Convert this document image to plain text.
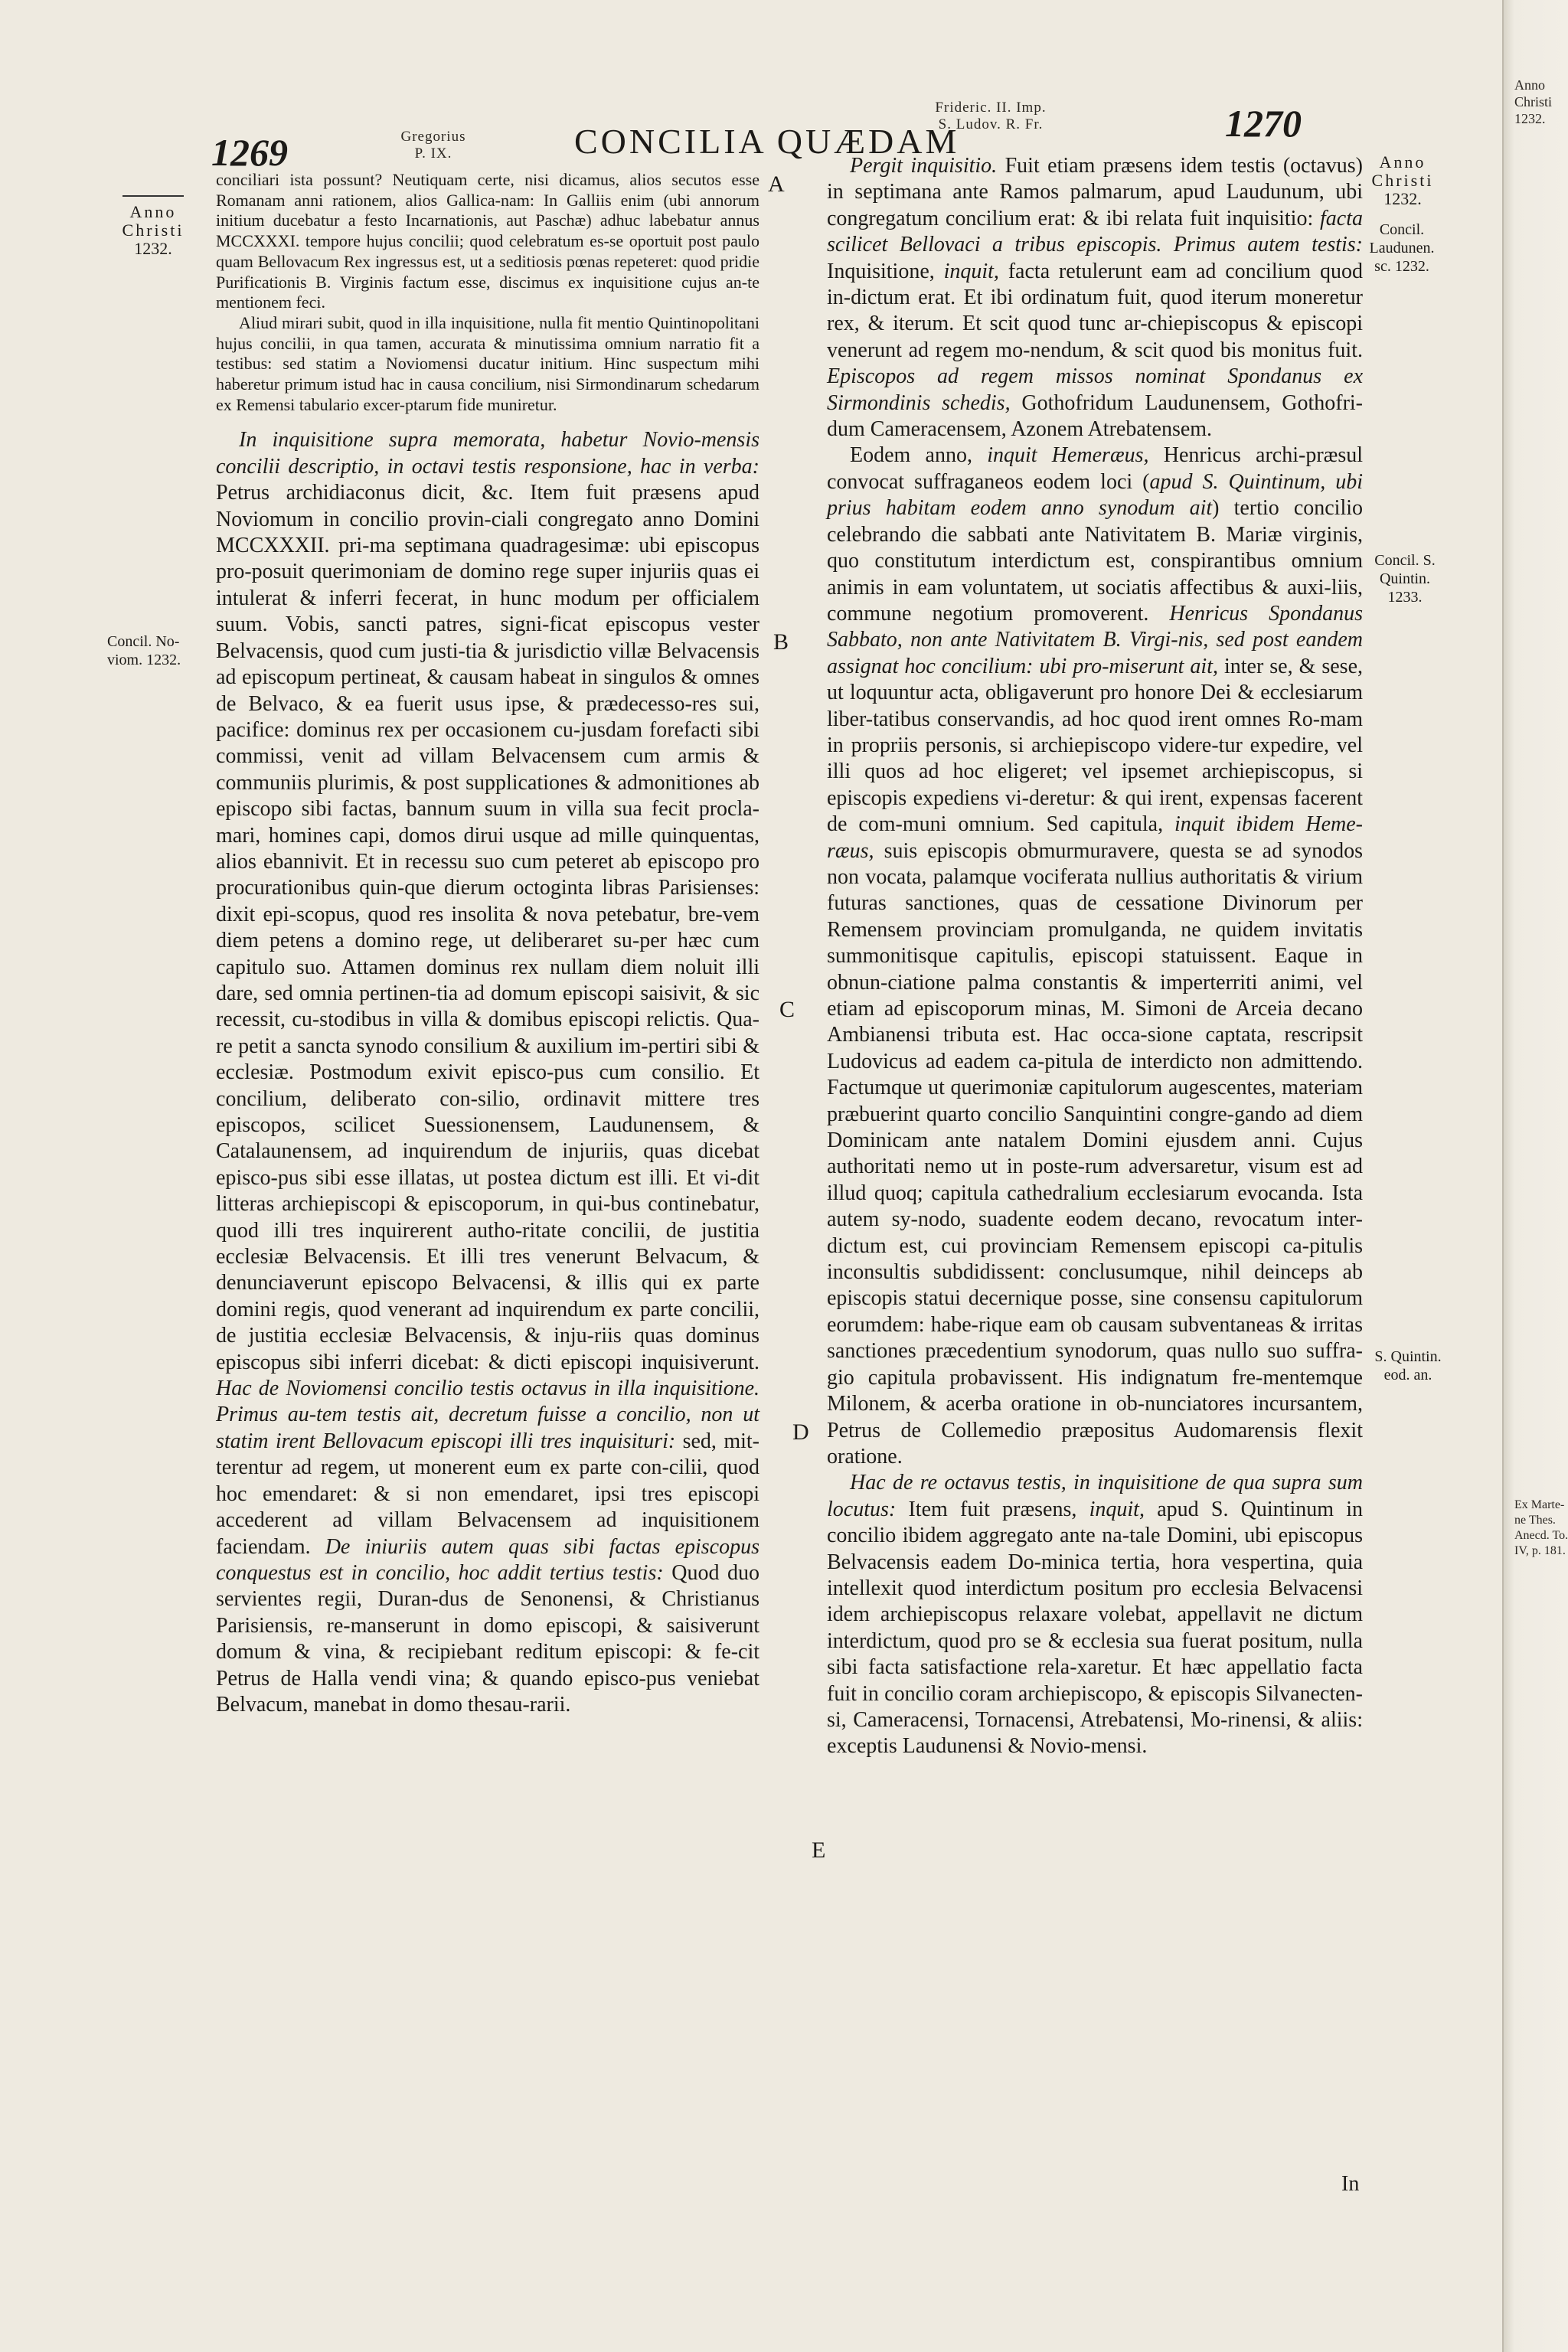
1269	Gregorius
P. IX.	CONCILIA QUÆDAM
Frideric. II. Imp.
S. Ludov. R. Fr.	1270
Anno
Christi
1232.
Concil. No- viom. 1232.
A
B
C
D
E

conciliari ista possunt? Neutiquam certe, nisi dicamus, alios secutos esse Romanam anni rationem, alios Gallica-nam: In Galliis enim (ubi annorum initium ducebatur a festo Incarnationis, aut Paschæ) adhuc labebatur annus MCCXXXI. tempore hujus concilii; quod celebratum es-se oportuit post paulo quam Bellovacum Rex ingressus est, ut a seditiosis pœnas repeteret: quod pridie Purificationis B. Virginis factum esse, discimus ex inquisitione cujus an-te mentionem feci.

Aliud mirari subit, quod in illa inquisitione, nulla fit mentio Quintinopolitani hujus concilii, in qua tamen, accurata & minutissima omnium narratio fit a testibus: sed statim a Noviomensi ducatur initium. Hinc suspectum mihi haberetur primum istud hac in causa concilium, nisi Sirmondinarum schedarum ex Remensi tabulario excer-ptarum fide muniretur.

In inquisitione supra memorata, habetur Novio-mensis concilii descriptio, in octavi testis responsione, hac in verba: Petrus archidiaconus dicit, &c. Item fuit præsens apud Noviomum in concilio provin-ciali congregato anno Domini MCCXXXII. pri-ma septimana quadragesimæ: ubi episcopus pro-posuit querimoniam de domino rege super injuriis quas ei intulerat & inferri fecerat, in hunc modum per officialem suum. Vobis, sancti patres, signi-ficat episcopus vester Belvacensis, quod cum justi-tia & jurisdictio villæ Belvacensis ad episcopum pertineat, & causam habeat in singulos & omnes de Belvaco, & ea fuerit usus ipse, & prædecesso-res sui, pacifice: dominus rex per occasionem cu-jusdam forefacti sibi commissi, venit ad villam Belvacensem cum armis & communiis plurimis, & post supplicationes & admonitiones ab episcopo sibi factas, bannum suum in villa sua fecit procla-mari, homines capi, domos dirui usque ad mille quinquentas, alios ebannivit. Et in recessu suo cum peteret ab episcopo pro procurationibus quin-que dierum octoginta libras Parisienses: dixit epi-scopus, quod res insolita & nova petebatur, bre-vem diem petens a domino rege, ut deliberaret su-per hæc cum capitulo suo. Attamen dominus rex nullam diem noluit illi dare, sed omnia pertinen-tia ad domum episcopi saisivit, & sic recessit, cu-stodibus in villa & domibus episcopi relictis. Qua-re petit a sancta synodo consilium & auxilium im-pertiri sibi & ecclesiæ. Postmodum exivit episco-pus cum consilio. Et concilium, deliberato con-silio, ordinavit mittere tres episcopos, scilicet Suessionensem, Laudunensem, & Catalaunensem, ad inquirendum de injuriis, quas dicebat episco-pus sibi esse illatas, ut postea dictum est illi. Et vi-dit litteras archiepiscopi & episcoporum, in qui-bus continebatur, quod illi tres inquirerent autho-ritate concilii, de justitia ecclesiæ Belvacensis. Et illi tres venerunt Belvacum, & denunciaverunt episcopo Belvacensi, & illis qui ex parte domini regis, quod venerant ad inquirendum ex parte concilii, de justitia ecclesiæ Belvacensis, & inju-riis quas dominus episcopus sibi inferri dicebat: & dicti episcopi inquisiverunt. Hac de Noviomensi concilio testis octavus in illa inquisitione. Primus au-tem testis ait, decretum fuisse a concilio, non ut statim irent Bellovacum episcopi illi tres inquisituri: sed, mit-terentur ad regem, ut monerent eum ex parte con-cilii, quod hoc emendaret: & si non emendaret, ipsi tres episcopi accederent ad villam Belvacensem ad inquisitionem faciendam. De iniuriis autem quas sibi factas episcopus conquestus est in concilio, hoc addit tertius testis: Quod duo servientes regii, Duran-dus de Senonensi, & Christianus Parisiensis, re-manserunt in domo episcopi, & saisiverunt domum & vina, & recipiebant reditum episcopi: & fe-cit Petrus de Halla vendi vina; & quando episco-pus veniebat Belvacum, manebat in domo thesau-rarii.

Pergit inquisitio. Fuit etiam præsens idem testis (octavus) in septimana ante Ramos palmarum, apud Laudunum, ubi congregatum concilium erat: & ibi relata fuit inquisitio: facta scilicet Bellovaci a tribus episcopis. Primus autem testis: Inquisitione, inquit, facta retulerunt eam ad concilium quod in-dictum erat. Et ibi ordinatum fuit, quod iterum moneretur rex, & iterum. Et scit quod tunc ar-chiepiscopus & episcopi venerunt ad regem mo-nendum, & scit quod bis monitus fuit. Episcopos ad regem missos nominat Spondanus ex Sirmondinis schedis, Gothofridum Laudunensem, Gothofri-dum Cameracensem, Azonem Atrebatensem.

Eodem anno, inquit Hemeræus, Henricus archi-præsul convocat suffraganeos eodem loci (apud S. Quintinum, ubi prius habitam eodem anno synodum ait) tertio concilio celebrando die sabbati ante Nativitatem B. Mariæ virginis, quo constitutum interdictum est, conspirantibus omnium animis in eam voluntatem, ut sociatis affectibus & auxi-liis, commune negotium promoverent. Henricus Spondanus Sabbato, non ante Nativitatem B. Virgi-nis, sed post eandem assignat hoc concilium: ubi pro-miserunt ait, inter se, & sese, ut loquuntur acta, obligaverunt pro honore Dei & ecclesiarum liber-tatibus conservandis, ad hoc quod irent omnes Ro-mam in propriis personis, si archiepiscopo videre-tur expedire, vel illi quos ad hoc eligeret; vel ipsemet archiepiscopus, si episcopis expediens vi-deretur: & qui irent, expensas facerent de com-muni omnium. Sed capitula, inquit ibidem Heme-ræus, suis episcopis obmurmuravere, questa se ad synodos non vocata, palamque vociferata nullius authoritatis & virium futuras sanctiones, quas de cessatione Divinorum per Remensem provinciam promulganda, ne quidem invitatis summonitisque capitulis, episcopi statuissent. Eaque in obnun-ciatione palma constantis & imperterriti animi, vel etiam ad episcoporum minas, M. Simoni de Arceia decano Ambianensi tributa est. Hac occa-sione captata, rescripsit Ludovicus ad eadem ca-pitula de interdicto non admittendo. Factumque ut querimoniæ capitulorum augescentes, materiam præbuerint quarto concilio Sanquintini congre-gando ad diem Dominicam ante natalem Domini ejusdem anni. Cujus authoritati nemo ut in poste-rum adversaretur, visum est ad illud quoq; capitula cathedralium ecclesiarum evocanda. Ista autem sy-nodo, suadente eodem decano, revocatum inter-dictum est, cui provinciam Remensem episcopi ca-pitulis inconsultis subdidissent: conclusumque, nihil deinceps ab episcopis statui decernique posse, sine consensu capitulorum eorumdem: habe-rique eam ob causam subventaneas & irritas sanctiones præcedentium synodorum, quas nullo suo suffra-gio capitula probavissent. His indignatum fre-mentemque Milonem, & acerba oratione in ob-nunciatores incursantem, Petrus de Collemedio præpositus Audomarensis flexit oratione.

Hac de re octavus testis, in inquisitione de qua supra sum locutus: Item fuit præsens, inquit, apud S. Quintinum in concilio ibidem aggregato ante na-tale Domini, ubi episcopus Belvacensis eadem Do-minica tertia, hora vespertina, quia intellexit quod interdictum positum pro ecclesia Belvacensi idem archiepiscopus relaxare volebat, appellavit ne dictum interdictum, quod pro se & ecclesia sua fuerat positum, nulla sibi facta satisfactione rela-xaretur. Et hæc appellatio facta fuit in concilio coram archiepiscopo, & episcopis Silvanecten-si, Cameracensi, Tornacensi, Atrebatensi, Mo-rinensi, & aliis: exceptis Laudunensi & Novio-mensi.

In
Anno
Christi
1232.
Concil. Laudunen. sc. 1232.
Concil. S. Quintin. 1233.
S. Quintin. eod. an.
Anno
Christi
1232.
Ex Marte-
ne Thes.
Anecd. To.
IV, p. 181.
